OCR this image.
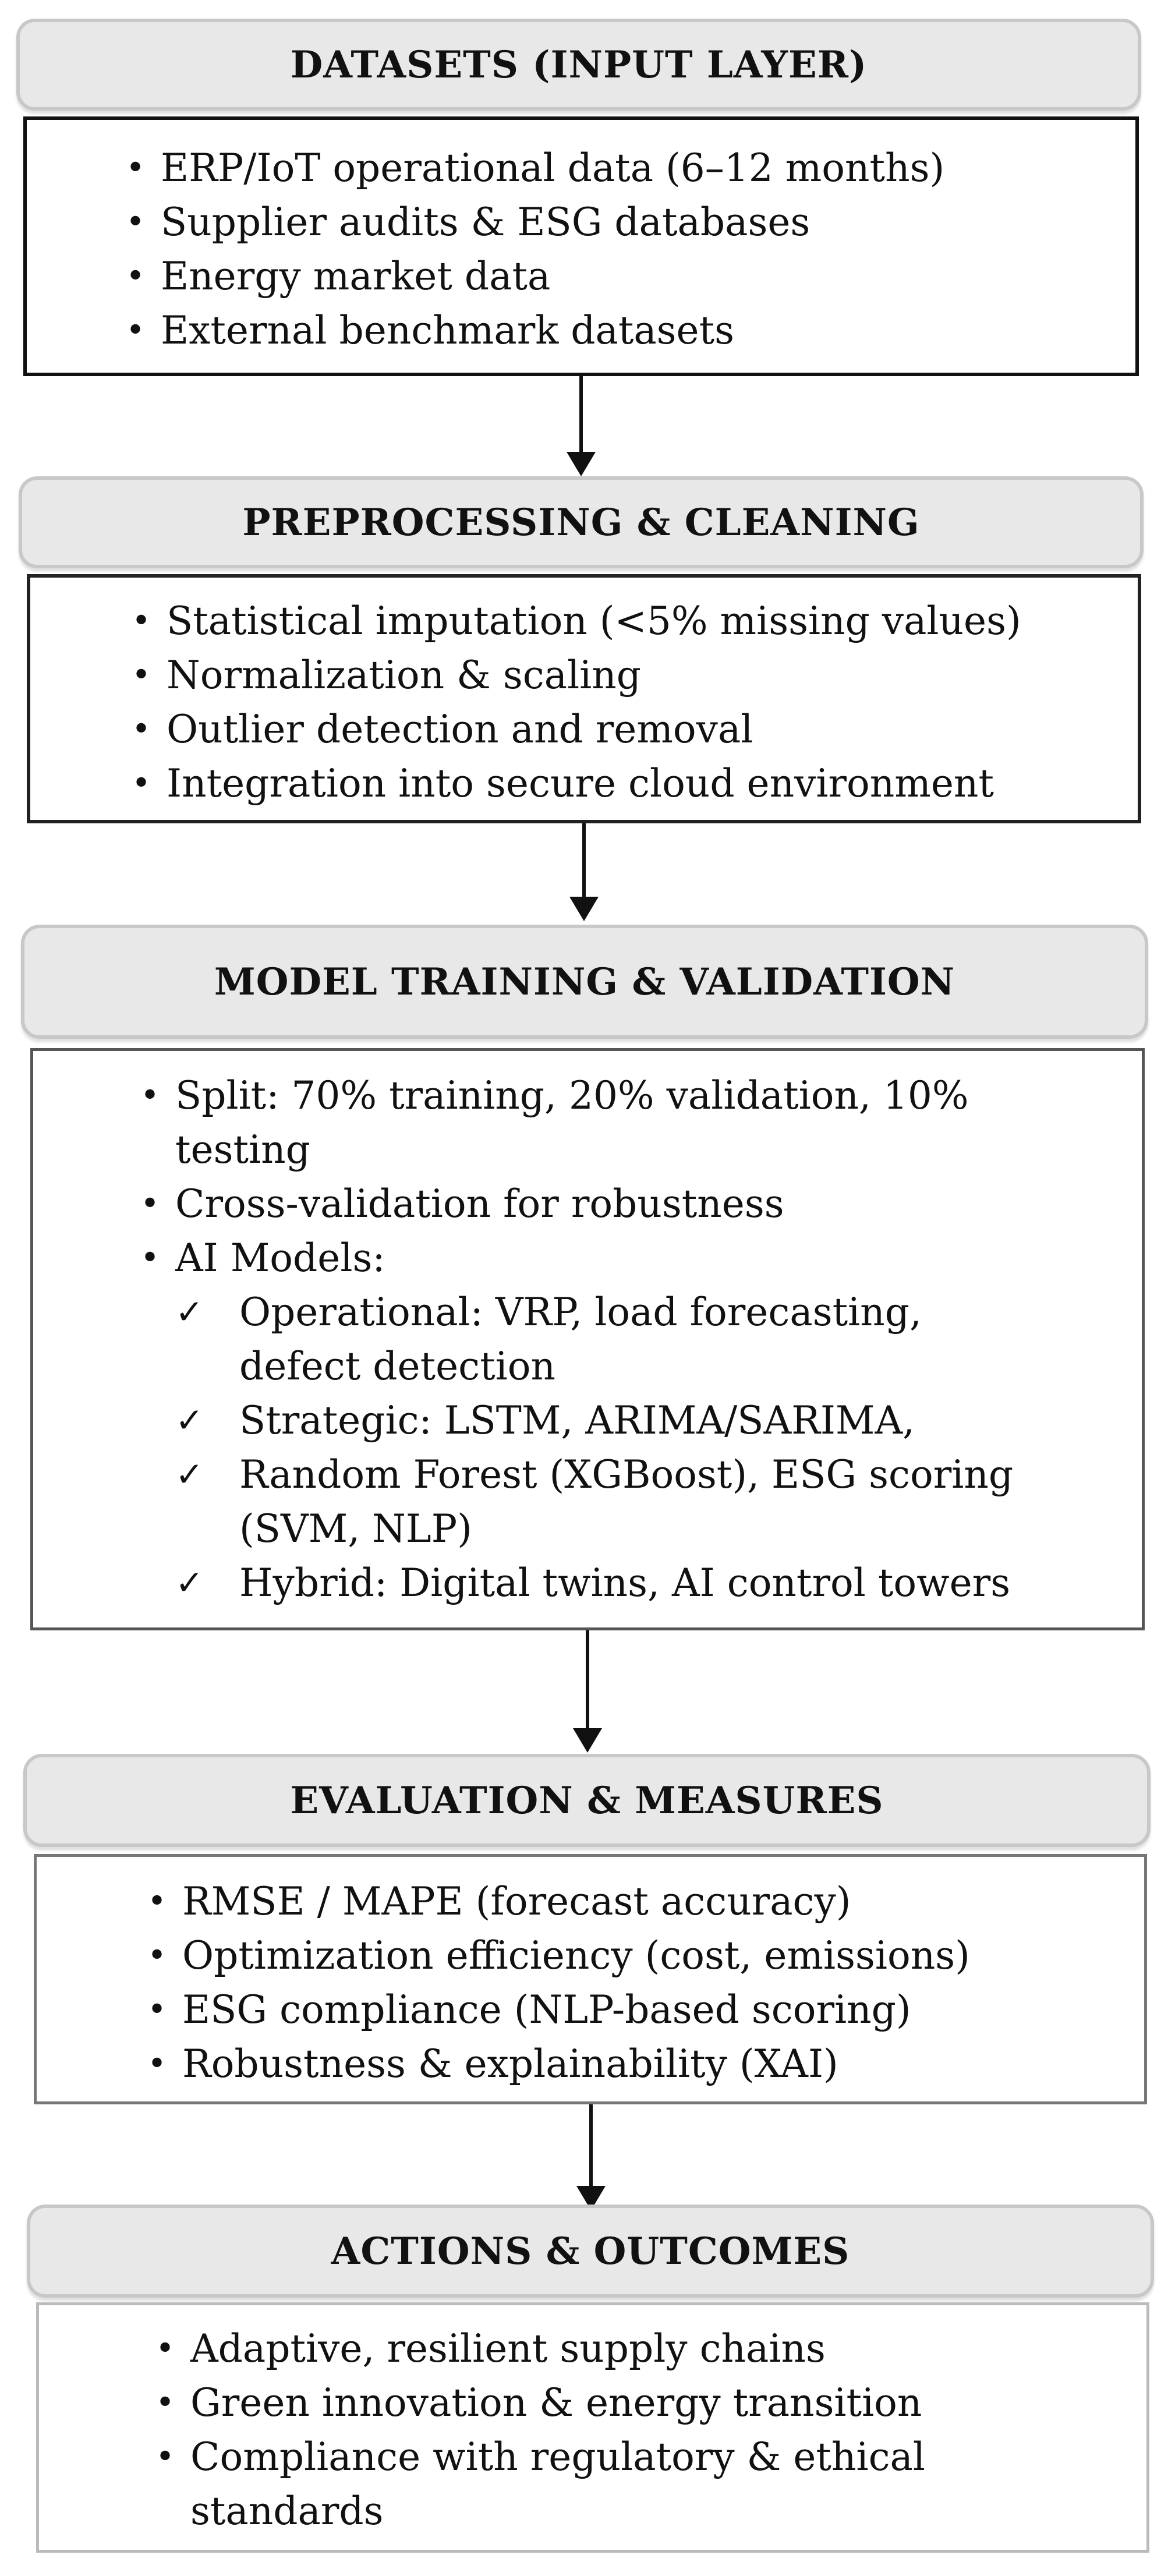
DATASETS (INPUT LAYER)
• ERP/IoT operational data (6–12 months)
• Supplier audits & ESG databases
• Energy market data
• External benchmark datasets
PREPROCESSING & CLEANING
• Statistical imputation (<5% missing values)
• Normalization & scaling
• Outlier detection and removal
• Integration into secure cloud environment
MODEL TRAINING & VALIDATION
• Split: 70% training, 20% validation, 10% testing
• Cross-validation for robustness
• AI Models:
✓ Operational: VRP, load forecasting, defect detection
✓ Strategic: LSTM, ARIMA/SARIMA,
✓ Random Forest (XGBoost), ESG scoring (SVM, NLP)
✓ Hybrid: Digital twins, AI control towers
EVALUATION & MEASURES
• RMSE / MAPE (forecast accuracy)
• Optimization efficiency (cost, emissions)
• ESG compliance (NLP-based scoring)
• Robustness & explainability (XAI)
ACTIONS & OUTCOMES
• Adaptive, resilient supply chains
• Green innovation & energy transition
• Compliance with regulatory & ethical standards
